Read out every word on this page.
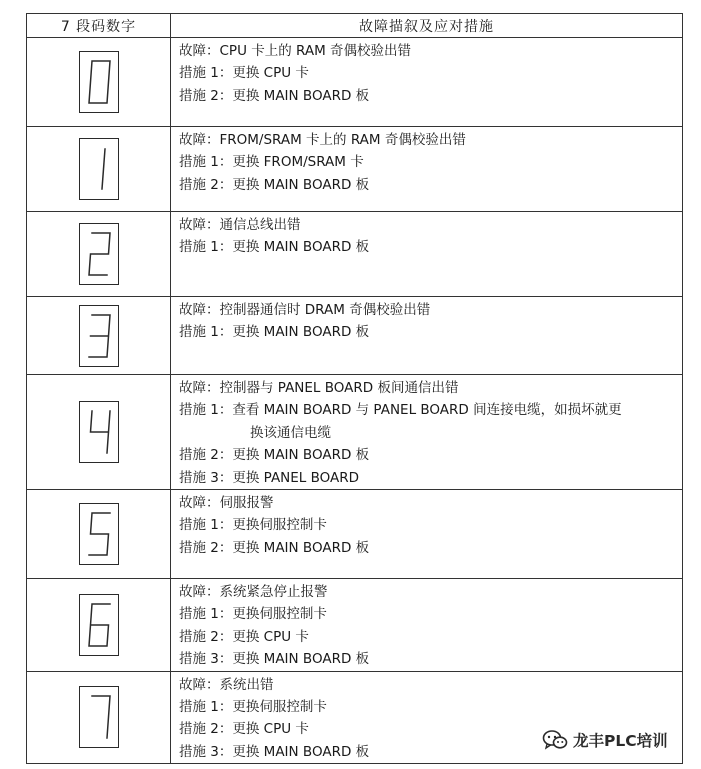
7 段码数字	故障描叙及应对措施

故障：CPU 卡上的 RAM 奇偶校验出错
措施 1：更换 CPU 卡
措施 2：更换 MAIN BOARD 板

故障：FROM/SRAM 卡上的 RAM 奇偶校验出错
措施 1：更换 FROM/SRAM 卡
措施 2：更换 MAIN BOARD 板

故障：通信总线出错
措施 1：更换 MAIN BOARD 板

故障：控制器通信时 DRAM 奇偶校验出错
措施 1：更换 MAIN BOARD 板

故障：控制器与 PANEL BOARD 板间通信出错
措施 1：查看 MAIN BOARD 与 PANEL BOARD 间连接电缆，如损坏就更
换该通信电缆
措施 2：更换 MAIN BOARD 板
措施 3：更换 PANEL BOARD

故障：伺服报警
措施 1：更换伺服控制卡
措施 2：更换 MAIN BOARD 板

故障：系统紧急停止报警
措施 1：更换伺服控制卡
措施 2：更换 CPU 卡
措施 3：更换 MAIN BOARD 板

故障：系统出错
措施 1：更换伺服控制卡
措施 2：更换 CPU 卡
措施 3：更换 MAIN BOARD 板
龙丰PLC培训
